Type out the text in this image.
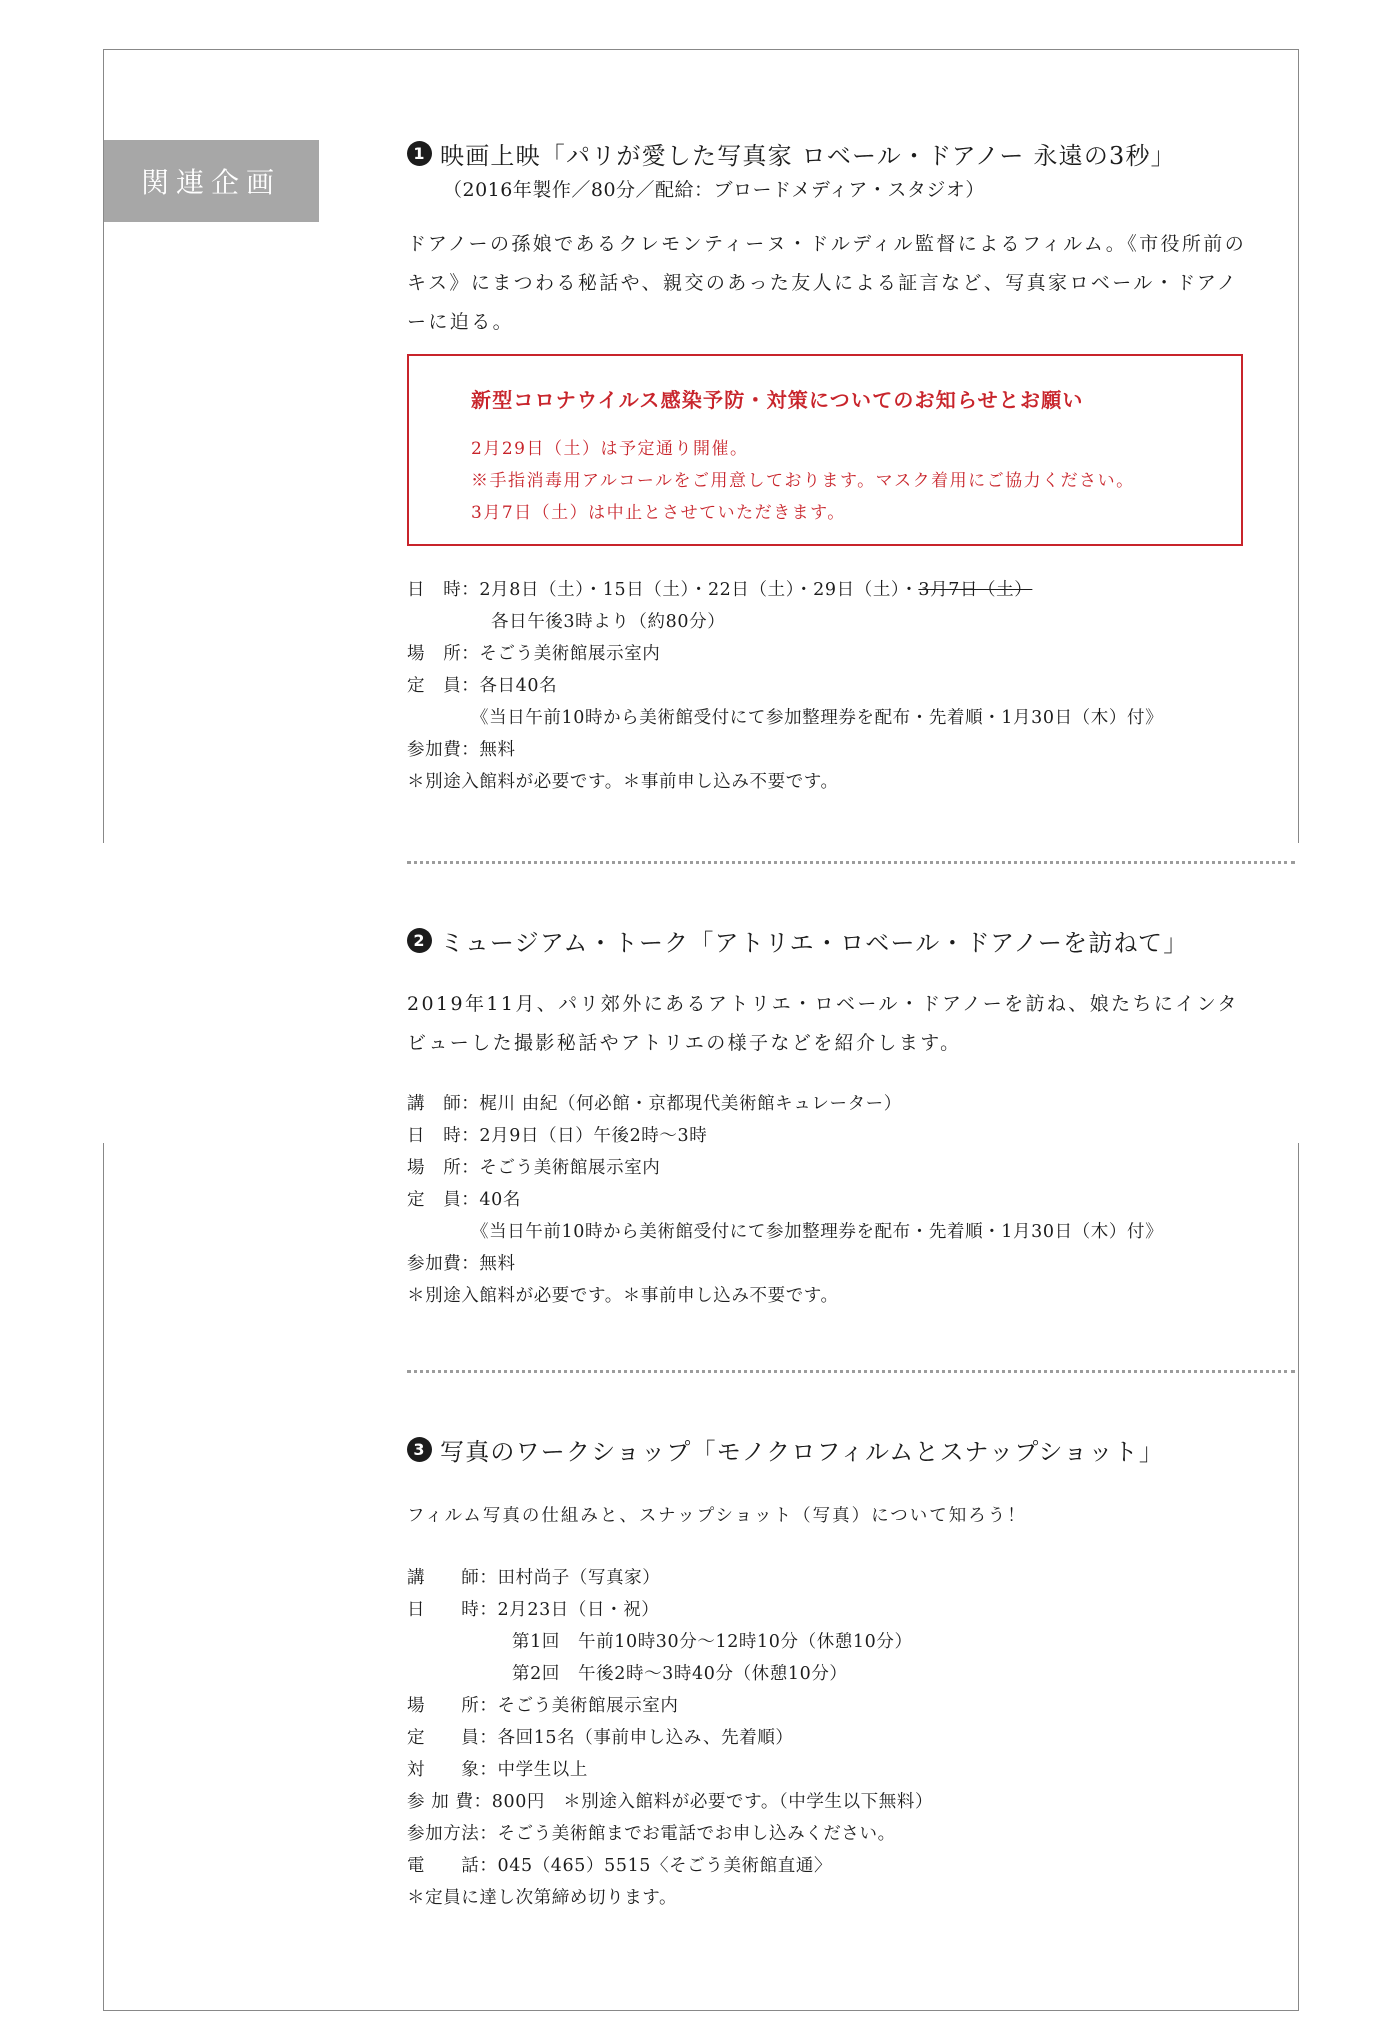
関連企画
1 映画上映「パリが愛した写真家 ロベール・ドアノー 永遠の3秒」
（2016年製作／80分／配給：ブロードメディア・スタジオ）
ドアノーの孫娘であるクレモンティーヌ・ドルディル監督によるフィルム。《市役所前のキス》にまつわる秘話や、親交のあった友人による証言など、写真家ロベール・ドアノーに迫る。
新型コロナウイルス感染予防・対策についてのお知らせとお願い
2月29日（土）は予定通り開催。
※手指消毒用アルコールをご用意しております。マスク着用にご協力ください。
3月7日（土）は中止とさせていただきます。
日　時：2月8日（土）・15日（土）・22日（土）・29日（土）・3月7日（土）
各日午後3時より（約80分）
場　所：そごう美術館展示室内
定　員：各日40名
《当日午前10時から美術館受付にて参加整理券を配布・先着順・1月30日（木）付》
参加費：無料
＊別途入館料が必要です。＊事前申し込み不要です。
2 ミュージアム・トーク「アトリエ・ロベール・ドアノーを訪ねて」
2019年11月、パリ郊外にあるアトリエ・ロベール・ドアノーを訪ね、娘たちにインタビューした撮影秘話やアトリエの様子などを紹介します。
講　師：梶川 由紀（何必館・京都現代美術館キュレーター）
日　時：2月9日（日）午後2時～3時
場　所：そごう美術館展示室内
定　員：40名
《当日午前10時から美術館受付にて参加整理券を配布・先着順・1月30日（木）付》
参加費：無料
＊別途入館料が必要です。＊事前申し込み不要です。
3 写真のワークショップ「モノクロフィルムとスナップショット」
フィルム写真の仕組みと、スナップショット（写真）について知ろう！
講　　師：田村尚子（写真家）
日　　時：2月23日（日・祝）
第1回　午前10時30分～12時10分（休憩10分）
第2回　午後2時～3時40分（休憩10分）
場　　所：そごう美術館展示室内
定　　員：各回15名（事前申し込み、先着順）
対　　象：中学生以上
参 加 費：800円　＊別途入館料が必要です。（中学生以下無料）
参加方法：そごう美術館までお電話でお申し込みください。
電　　話：045（465）5515〈そごう美術館直通〉
＊定員に達し次第締め切ります。
